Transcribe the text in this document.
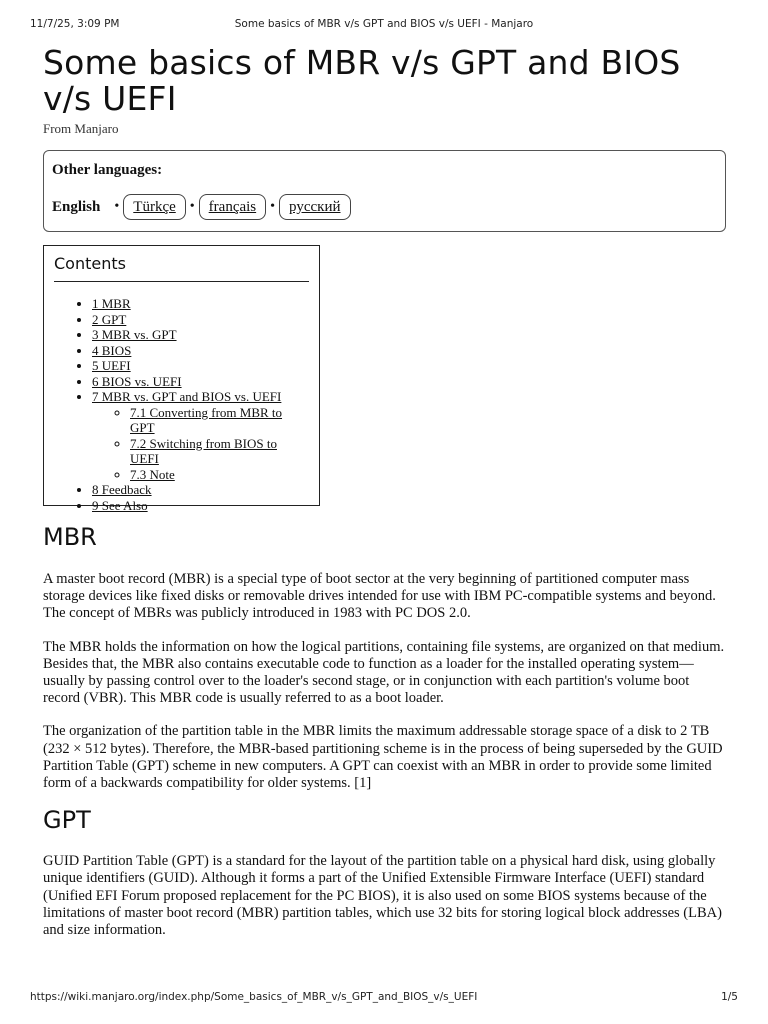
11/7/25, 3:09 PM	Some basics of MBR v/s GPT and BIOS v/s UEFI - Manjaro
Some basics of MBR v/s GPT and BIOS v/s UEFI
From Manjaro
Other languages:
English • Türkçe	• français	• русский
Contents
• 1 MBR
• 2 GPT
• 3 MBR vs. GPT
• 4 BIOS
• 5 UEFI
• 6 BIOS vs. UEFI
• 7 MBR vs. GPT and BIOS vs. UEFI
◦ 7.1 Converting from MBR to GPT
◦ 7.2 Switching from BIOS to UEFI
◦ 7.3 Note
• 8 Feedback
• 9 See Also
MBR

A master boot record (MBR) is a special type of boot sector at the very beginning of partitioned computer mass storage devices like fixed disks or removable drives intended for use with IBM PC-compatible systems and beyond. The concept of MBRs was publicly introduced in 1983 with PC DOS 2.0.

The MBR holds the information on how the logical partitions, containing file systems, are organized on that medium. Besides that, the MBR also contains executable code to function as a loader for the installed operating system—usually by passing control over to the loader's second stage, or in conjunction with each partition's volume boot record (VBR). This MBR code is usually referred to as a boot loader.

The organization of the partition table in the MBR limits the maximum addressable storage space of a disk to 2 TB (232 × 512 bytes). Therefore, the MBR-based partitioning scheme is in the process of being superseded by the GUID Partition Table (GPT) scheme in new computers. A GPT can coexist with an MBR in order to provide some limited form of a backwards compatibility for older systems. [1]

GPT

GUID Partition Table (GPT) is a standard for the layout of the partition table on a physical hard disk, using globally unique identifiers (GUID). Although it forms a part of the Unified Extensible Firmware Interface (UEFI) standard (Unified EFI Forum proposed replacement for the PC BIOS), it is also used on some BIOS systems because of the limitations of master boot record (MBR) partition tables, which use 32 bits for storing logical block addresses (LBA) and size information.

https://wiki.manjaro.org/index.php/Some_basics_of_MBR_v/s_GPT_and_BIOS_v/s_UEFI	1/5
